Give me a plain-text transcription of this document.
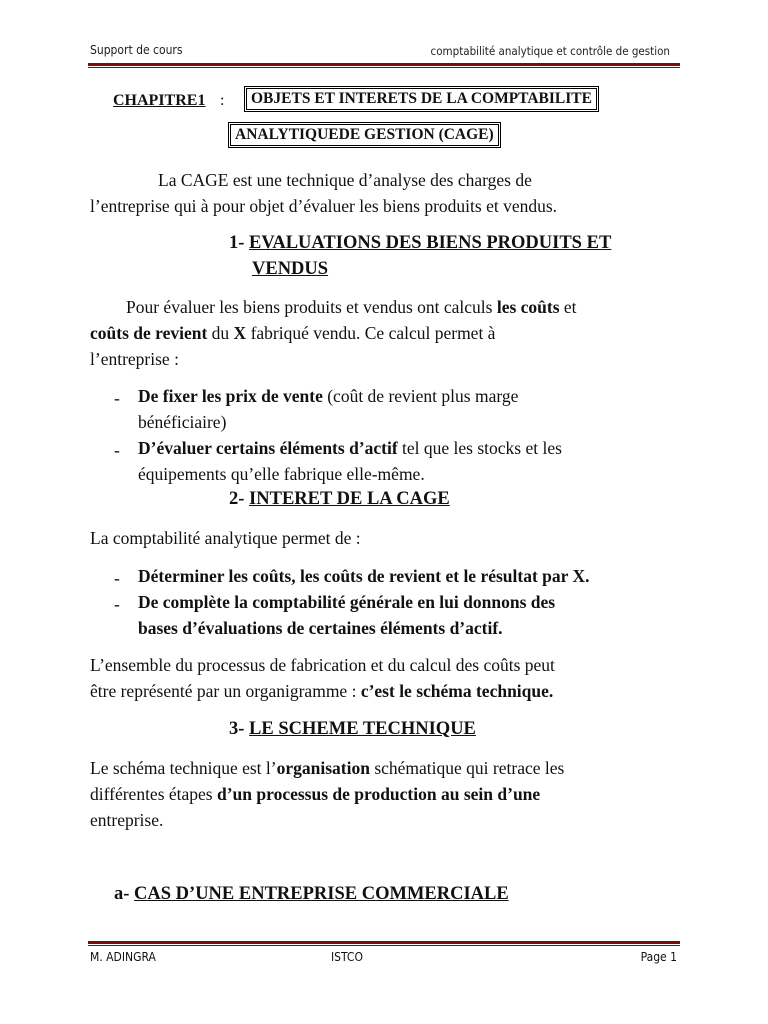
Support de cours	comptabilité analytique et contrôle de gestion
CHAPITRE1 :	OBJETS ET INTERETS DE LA COMPTABILITE
ANALYTIQUEDE GESTION (CAGE)
La CAGE est une technique d’analyse des charges de
l’entreprise qui à pour objet d’évaluer les biens produits et vendus.
1- EVALUATIONS DES BIENS PRODUITS ET
VENDUS
Pour évaluer les biens produits et vendus ont calculs les coûts et
coûts de revient du X fabriqué vendu. Ce calcul permet à
l’entreprise :
- De fixer les prix de vente (coût de revient plus marge
bénéficiaire)
- D’évaluer certains éléments d’actif tel que les stocks et les
équipements qu’elle fabrique elle-même.
2- INTERET DE LA CAGE
La comptabilité analytique permet de :
- Déterminer les coûts, les coûts de revient et le résultat par X.
- De complète la comptabilité générale en lui donnons des
bases d’évaluations de certaines éléments d’actif.
L’ensemble du processus de fabrication et du calcul des coûts peut
être représenté par un organigramme : c’est le schéma technique.
3- LE SCHEME TECHNIQUE
Le schéma technique est l’organisation schématique qui retrace les
différentes étapes d’un processus de production au sein d’une
entreprise.
a- CAS D’UNE ENTREPRISE COMMERCIALE
M. ADINGRA	ISTCO	Page 1
